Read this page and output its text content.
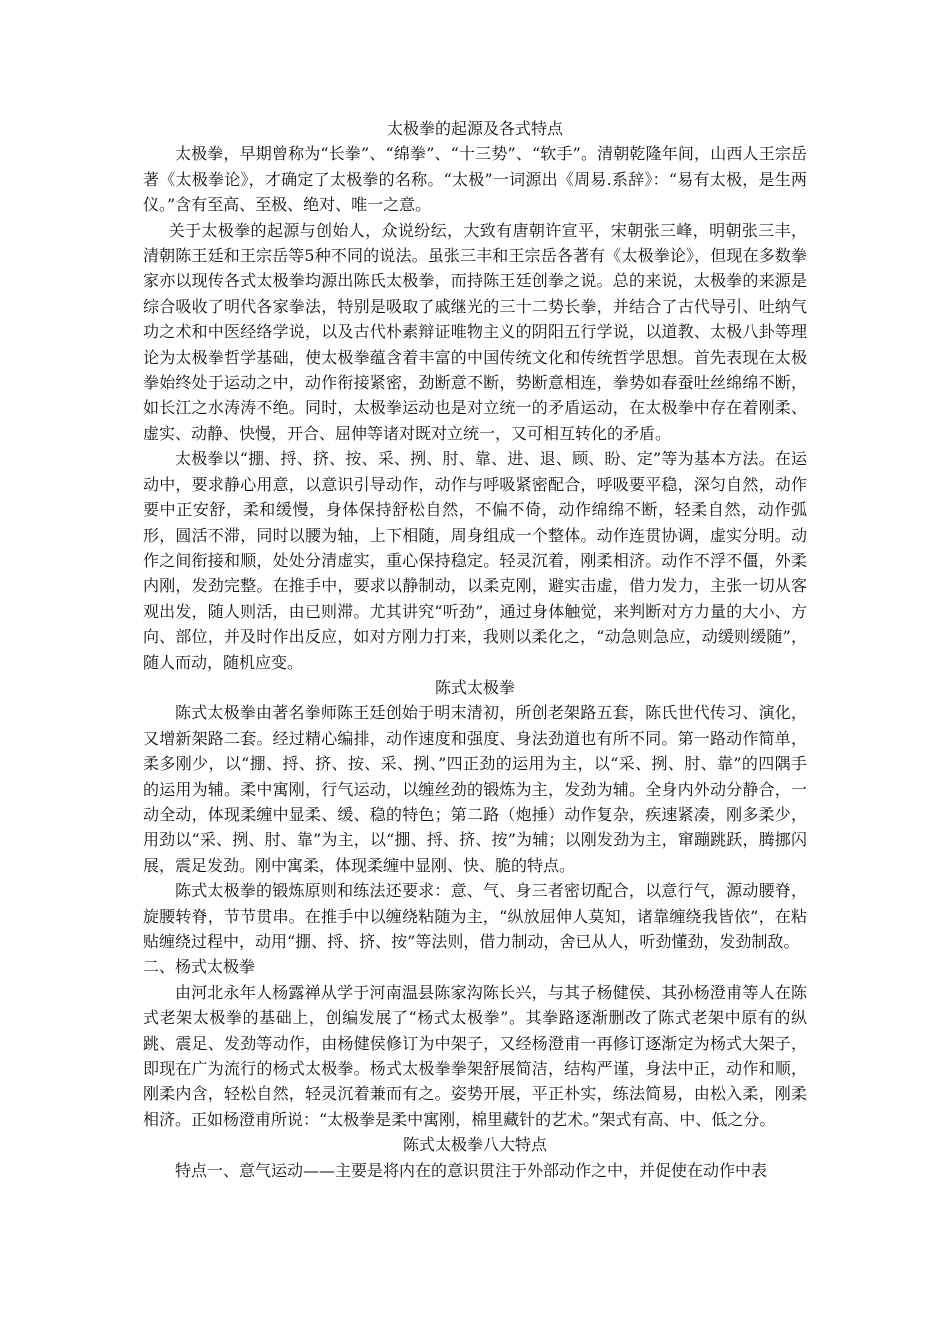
太极拳的起源及各式特点

太极拳，早期曾称为“长拳”、“绵拳”、“十三势”、“软手”。清朝乾隆年间，山西人王宗岳著《太极拳论》，才确定了太极拳的名称。“太极”一词源出《周易.系辞》：“易有太极，是生两仪。”含有至高、至极、绝对、唯一之意。

关于太极拳的起源与创始人，众说纷纭，大致有唐朝许宣平，宋朝张三峰，明朝张三丰，清朝陈王廷和王宗岳等5种不同的说法。虽张三丰和王宗岳各著有《太极拳论》，但现在多数拳家亦以现传各式太极拳均源出陈氏太极拳，而持陈王廷创拳之说。总的来说，太极拳的来源是综合吸收了明代各家拳法，特别是吸取了戚继光的三十二势长拳，并结合了古代导引、吐纳气功之术和中医经络学说，以及古代朴素辩证唯物主义的阴阳五行学说，以道教、太极八卦等理论为太极拳哲学基础，使太极拳蕴含着丰富的中国传统文化和传统哲学思想。首先表现在太极拳始终处于运动之中，动作衔接紧密，劲断意不断，势断意相连，拳势如春蚕吐丝绵绵不断，如长江之水涛涛不绝。同时，太极拳运动也是对立统一的矛盾运动，在太极拳中存在着刚柔、虚实、动静、快慢，开合、屈伸等诸对既对立统一，又可相互转化的矛盾。

太极拳以“掤、捋、挤、按、采、挒、肘、靠、进、退、顾、盼、定”等为基本方法。在运动中，要求静心用意，以意识引导动作，动作与呼吸紧密配合，呼吸要平稳，深匀自然，动作要中正安舒，柔和缓慢，身体保持舒松自然，不偏不倚，动作绵绵不断，轻柔自然，动作弧形，圆活不滞，同时以腰为轴，上下相随，周身组成一个整体。动作连贯协调，虚实分明。动作之间衔接和顺，处处分清虚实，重心保持稳定。轻灵沉着，刚柔相济。动作不浮不僵，外柔内刚，发劲完整。在推手中，要求以静制动，以柔克刚，避实击虚，借力发力，主张一切从客观出发，随人则活，由已则滞。尤其讲究“听劲”，通过身体触觉，来判断对方力量的大小、方向、部位，并及时作出反应，如对方刚力打来，我则以柔化之，“动急则急应，动缓则缓随”，随人而动，随机应变。

陈式太极拳

陈式太极拳由著名拳师陈王廷创始于明末清初，所创老架路五套，陈氏世代传习、演化，又增新架路二套。经过精心编排，动作速度和强度、身法劲道也有所不同。第一路动作简单，柔多刚少，以“掤、捋、挤、按、采、挒、”四正劲的运用为主，以“采、挒、肘、靠”的四隅手的运用为辅。柔中寓刚，行气运动，以缠丝劲的锻炼为主，发劲为辅。全身内外动分静合，一动全动，体现柔缠中显柔、缓、稳的特色；第二路（炮捶）动作复杂，疾速紧凑，刚多柔少，用劲以“采、挒、肘、靠”为主，以“掤、捋、挤、按”为辅；以刚发劲为主，窜蹦跳跃，腾挪闪展，震足发劲。刚中寓柔，体现柔缠中显刚、快、脆的特点。

陈式太极拳的锻炼原则和练法还要求：意、气、身三者密切配合，以意行气，源动腰脊，旋腰转脊，节节贯串。在推手中以缠绕粘随为主，“纵放屈伸人莫知，诸靠缠绕我皆依”，在粘贴缠绕过程中，动用“掤、捋、挤、按”等法则，借力制动，舍已从人，听劲懂劲，发劲制敌。

二、杨式太极拳

由河北永年人杨露禅从学于河南温县陈家沟陈长兴，与其子杨健侯、其孙杨澄甫等人在陈式老架太极拳的基础上，创编发展了“杨式太极拳”。其拳路逐渐删改了陈式老架中原有的纵跳、震足、发劲等动作，由杨健侯修订为中架子，又经杨澄甫一再修订逐渐定为杨式大架子，即现在广为流行的杨式太极拳。杨式太极拳拳架舒展简洁，结构严谨，身法中正，动作和顺，刚柔内含，轻松自然，轻灵沉着兼而有之。姿势开展，平正朴实，练法简易，由松入柔，刚柔相济。正如杨澄甫所说：“太极拳是柔中寓刚，棉里藏针的艺术。”架式有高、中、低之分。

陈式太极拳八大特点

特点一、意气运动——主要是将内在的意识贯注于外部动作之中，并促使在动作中表
